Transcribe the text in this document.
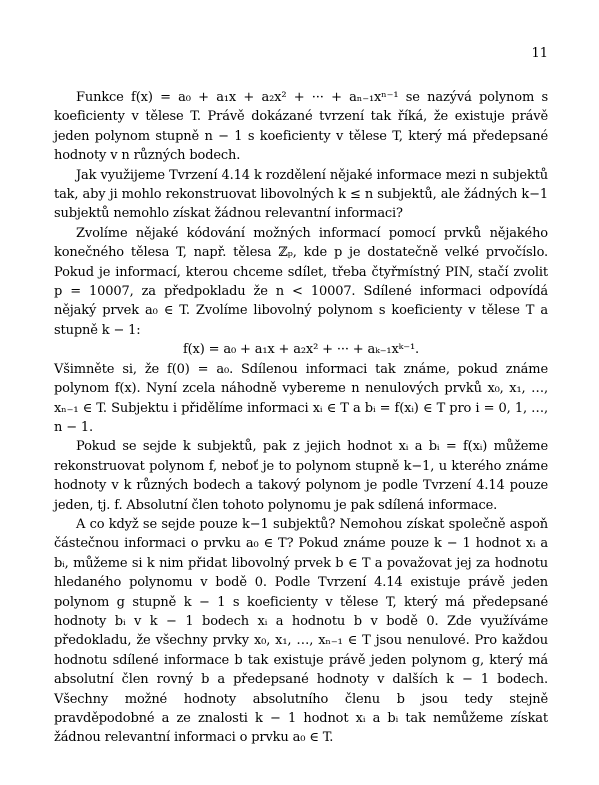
11

Funkce f(x) = a₀ + a₁x + a₂x² + ··· + aₙ₋₁xⁿ⁻¹ se nazývá polynom s koeficienty v tělese T. Právě dokázané tvrzení tak říká, že existuje právě jeden polynom stupně n − 1 s koeficienty v tělese T, který má předepsané hodnoty v n různých bodech.

Jak využijeme Tvrzení 4.14 k rozdělení nějaké informace mezi n subjektů tak, aby ji mohlo rekonstruovat libovolných k ≤ n subjektů, ale žádných k−1 subjektů nemohlo získat žádnou relevantní informaci?

Zvolíme nějaké kódování možných informací pomocí prvků nějakého konečného tělesa T, např. tělesa ℤₚ, kde p je dostatečně velké prvočíslo. Pokud je informací, kterou chceme sdílet, třeba čtyřmístný PIN, stačí zvolit p = 10007, za předpokladu že n < 10007. Sdílené informaci odpovídá nějaký prvek a₀ ∈ T. Zvolíme libovolný polynom s koeficienty v tělese T a stupně k − 1:

f(x) = a₀ + a₁x + a₂x² + ··· + aₖ₋₁xᵏ⁻¹.

Všimněte si, že f(0) = a₀. Sdílenou informaci tak známe, pokud známe polynom f(x). Nyní zcela náhodně vybereme n nenulových prvků x₀, x₁, …, xₙ₋₁ ∈ T. Subjektu i přidělíme informaci xᵢ ∈ T a bᵢ = f(xᵢ) ∈ T pro i = 0, 1, …, n − 1.

Pokud se sejde k subjektů, pak z jejich hodnot xᵢ a bᵢ = f(xᵢ) můžeme rekonstruovat polynom f, neboť je to polynom stupně k−1, u kterého známe hodnoty v k různých bodech a takový polynom je podle Tvrzení 4.14 pouze jeden, tj. f. Absolutní člen tohoto polynomu je pak sdílená informace.

A co když se sejde pouze k−1 subjektů? Nemohou získat společně aspoň částečnou informaci o prvku a₀ ∈ T? Pokud známe pouze k − 1 hodnot xᵢ a bᵢ, můžeme si k nim přidat libovolný prvek b ∈ T a považovat jej za hodnotu hledaného polynomu v bodě 0. Podle Tvrzení 4.14 existuje právě jeden polynom g stupně k − 1 s koeficienty v tělese T, který má předepsané hodnoty bᵢ v k − 1 bodech xᵢ a hodnotu b v bodě 0. Zde využíváme předokladu, že všechny prvky x₀, x₁, …, xₙ₋₁ ∈ T jsou nenulové. Pro každou hodnotu sdílené informace b tak existuje právě jeden polynom g, který má absolutní člen rovný b a předepsané hodnoty v dalších k − 1 bodech. Všechny možné hodnoty absolutního členu b jsou tedy stejně pravděpodobné a ze znalosti k − 1 hodnot xᵢ a bᵢ tak nemůžeme získat žádnou relevantní informaci o prvku a₀ ∈ T.
